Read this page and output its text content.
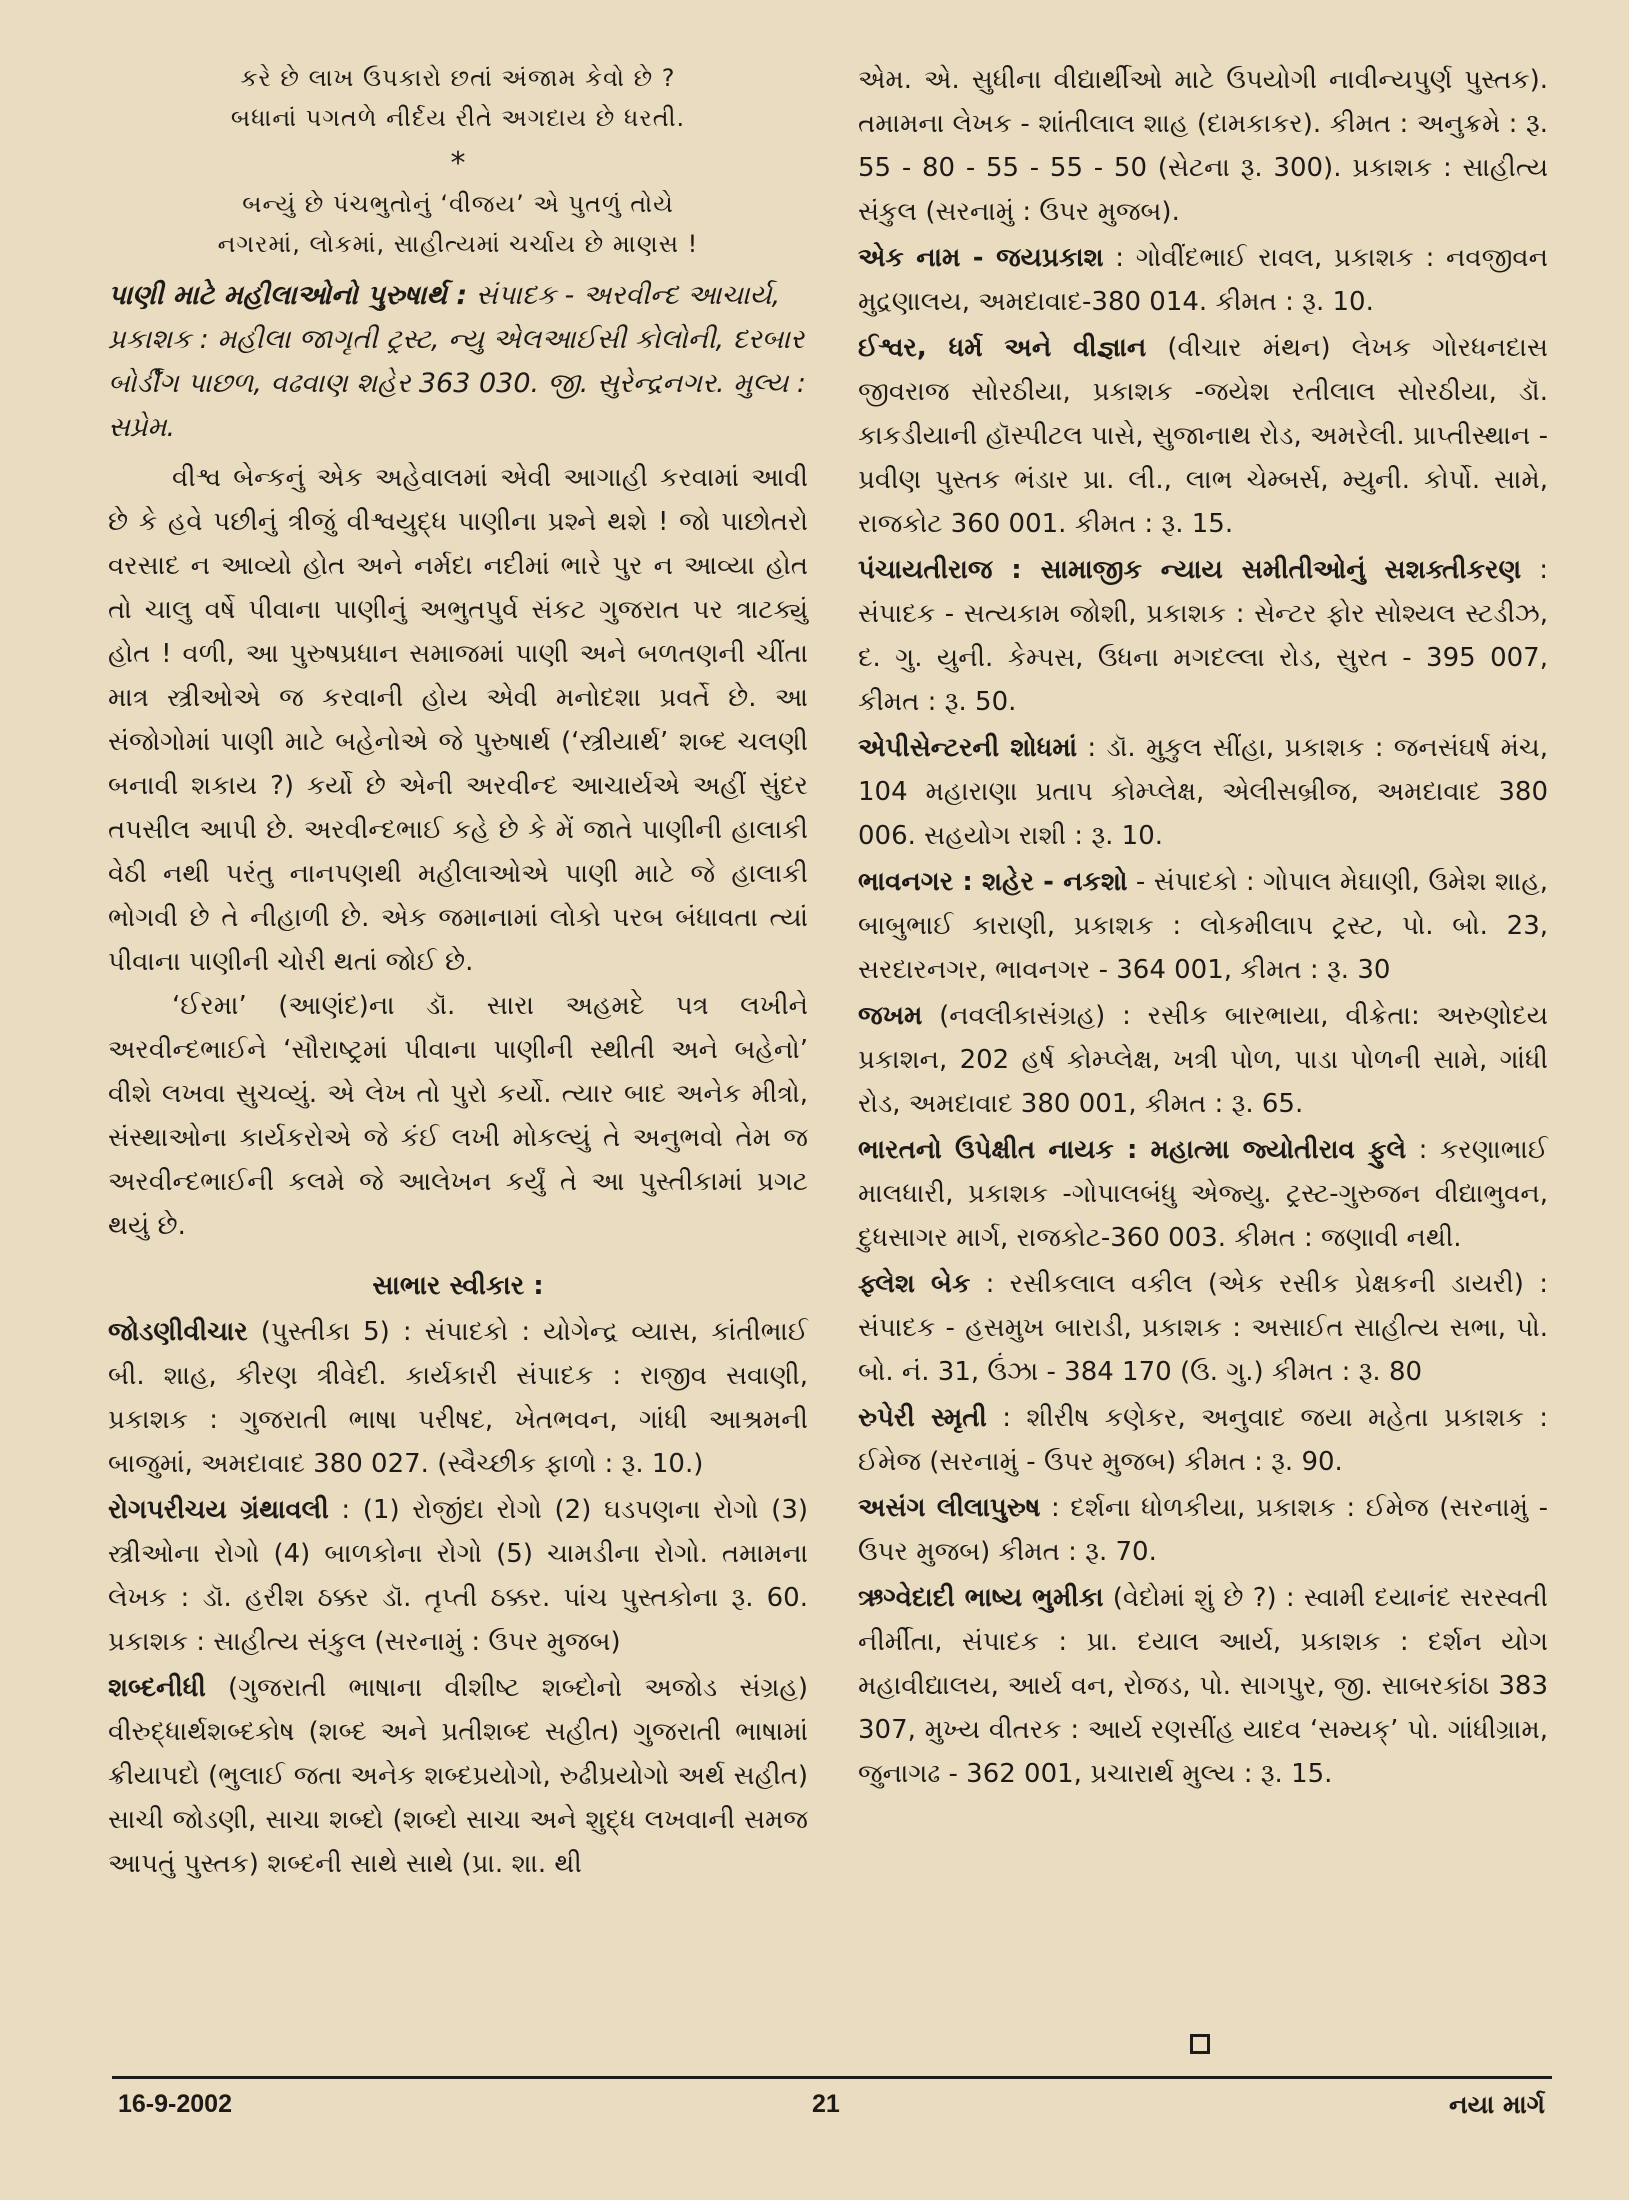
કરે છે લાખ ઉપકારો છતાં અંજામ કેવો છે ?

બધાનાં પગતળે નીર્દય રીતે અગદાય છે ધરતી.

*

બન્યું છે પંચભુતોનું ‘વીજય’ એ પુતળું તોયે

નગરમાં, લોકમાં, સાહીત્યમાં ચર્ચાય છે માણસ !

પાણી માટે મહીલાઓનો પુરુષાર્થ : સંપાદક - અરવીન્દ આચાર્ય, પ્રકાશક : મહીલા જાગૃતી ટ્રસ્ટ, ન્યુ એલઆઈસી કોલોની, દરબાર બોર્ડીંગ પાછળ, વઢવાણ શહેર 363 030. જી. સુરેન્દ્રનગર. મુલ્ય : સપ્રેમ.

વીશ્વ બેન્કનું એક અહેવાલમાં એવી આગાહી કરવામાં આવી છે કે હવે પછીનું ત્રીજું વીશ્વયુદ્ધ પાણીના પ્રશ્ને થશે ! જો પાછોતરો વરસાદ ન આવ્યો હોત અને નર્મદા નદીમાં ભારે પુર ન આવ્યા હોત તો ચાલુ વર્ષે પીવાના પાણીનું અભુતપુર્વ સંકટ ગુજરાત પર ત્રાટક્યું હોત ! વળી, આ પુરુષપ્રધાન સમાજમાં પાણી અને બળતણની ચીંતા માત્ર સ્ત્રીઓએ જ કરવાની હોય એવી મનોદશા પ્રવર્તે છે. આ સંજોગોમાં પાણી માટે બહેનોએ જે પુરુષાર્થ (‘સ્ત્રીયાર્થ’ શબ્દ ચલણી બનાવી શકાય ?) કર્યો છે એની અરવીન્દ આચાર્યએ અહીં સુંદર તપસીલ આપી છે. અરવીન્દભાઈ કહે છે કે મેં જાતે પાણીની હાલાકી વેઠી નથી પરંતુ નાનપણથી મહીલાઓએ પાણી માટે જે હાલાકી ભોગવી છે તે નીહાળી છે. એક જમાનામાં લોકો પરબ બંધાવતા ત્યાં પીવાના પાણીની ચોરી થતાં જોઈ છે.

‘ઈરમા’ (આણંદ)ના ડૉ. સારા અહમદે પત્ર લખીને અરવીન્દભાઈને ‘સૌરાષ્ટ્રમાં પીવાના પાણીની સ્થીતી અને બહેનો’ વીશે લખવા સુચવ્યું. એ લેખ તો પુરો કર્યો. ત્યાર બાદ અનેક મીત્રો, સંસ્થાઓના કાર્યકરોએ જે કંઈ લખી મોકલ્યું તે અનુભવો તેમ જ અરવીન્દભાઈની કલમે જે આલેખન કર્યું તે આ પુસ્તીકામાં પ્રગટ થયું છે.

સાભાર સ્વીકાર :

જોડણીવીચાર (પુસ્તીકા 5) : સંપાદકો : યોગેન્દ્ર વ્યાસ, કાંતીભાઈ બી. શાહ, કીરણ ત્રીવેદી. કાર્યકારી સંપાદક : રાજીવ સવાણી, પ્રકાશક : ગુજરાતી ભાષા પરીષદ, ખેતભવન, ગાંધી આશ્રમની બાજુમાં, અમદાવાદ 380 027. (સ્વૈચ્છીક ફાળો : રૂ. 10.)

રોગપરીચય ગ્રંથાવલી : (1) રોજીંદા રોગો (2) ઘડપણના રોગો (3) સ્ત્રીઓના રોગો (4) બાળકોના રોગો (5) ચામડીના રોગો. તમામના લેખક : ડૉ. હરીશ ઠક્કર ડૉ. તૃપ્તી ઠક્કર. પાંચ પુસ્તકોના રૂ. 60. પ્રકાશક : સાહીત્ય સંકુલ (સરનામું : ઉપર મુજબ)

શબ્દનીધી (ગુજરાતી ભાષાના વીશીષ્ટ શબ્દોનો અજોડ સંગ્રહ) વીરુદ્ધાર્થશબ્દકોષ (શબ્દ અને પ્રતીશબ્દ સહીત) ગુજરાતી ભાષામાં ક્રીયાપદો (ભુલાઈ જતા અનેક શબ્દપ્રયોગો, રુઢીપ્રયોગો અર્થ સહીત) સાચી જોડણી, સાચા શબ્દો (શબ્દો સાચા અને શુદ્ધ લખવાની સમજ આપતું પુસ્તક) શબ્દની સાથે સાથે (પ્રા. શા. થી

એમ. એ. સુધીના વીદ્યાર્થીઓ માટે ઉપયોગી નાવીન્યપુર્ણ પુસ્તક). તમામના લેખક - શાંતીલાલ શાહ (દામકાકર). કીમત : અનુક્રમે : રૂ. 55 - 80 - 55 - 55 - 50 (સેટના રૂ. 300). પ્રકાશક : સાહીત્ય સંકુલ (સરનામું : ઉપર મુજબ).

એક નામ - જયપ્રકાશ : ગોવીંદભાઈ રાવલ, પ્રકાશક : નવજીવન મુદ્રણાલય, અમદાવાદ-380 014. કીમત : રૂ. 10.

ઈશ્વર, ધર્મ અને વીજ્ઞાન (વીચાર મંથન) લેખક ગોરધનદાસ જીવરાજ સોરઠીયા, પ્રકાશક -જયેશ રતીલાલ સોરઠીયા, ડૉ. કાકડીયાની હૉસ્પીટલ પાસે, સુજાનાથ રોડ, અમરેલી. પ્રાપ્તીસ્થાન - પ્રવીણ પુસ્તક ભંડાર પ્રા. લી., લાભ ચેમ્બર્સ, મ્યુની. કોર્પો. સામે, રાજકોટ 360 001. કીમત : રૂ. 15.

પંચાયતીરાજ : સામાજીક ન્યાય સમીતીઓનું સશક્તીકરણ : સંપાદક - સત્યકામ જોશી, પ્રકાશક : સેન્ટર ફોર સોશ્યલ સ્ટડીઝ, દ. ગુ. યુની. કેમ્પસ, ઉધના મગદલ્લા રોડ, સુરત - 395 007, કીમત : રૂ. 50.

એપીસેન્ટરની શોધમાં : ડૉ. મુકુલ સીંહા, પ્રકાશક : જનસંઘર્ષ મંચ, 104 મહારાણા પ્રતાપ કોમ્પ્લેક્ષ, એલીસબ્રીજ, અમદાવાદ 380 006. સહયોગ રાશી : રૂ. 10.

ભાવનગર : શહેર - નકશો - સંપાદકો : ગોપાલ મેઘાણી, ઉમેશ શાહ, બાબુભાઈ કારાણી, પ્રકાશક : લોકમીલાપ ટ્રસ્ટ, પો. બો. 23, સરદારનગર, ભાવનગર - 364 001, કીમત : રૂ. 30

જખમ (નવલીકાસંગ્રહ) : રસીક બારભાયા, વીક્રેતા: અરુણોદય પ્રકાશન, 202 હર્ષ કોમ્પ્લેક્ષ, ખત્રી પોળ, પાડા પોળની સામે, ગાંધી રોડ, અમદાવાદ 380 001, કીમત : રૂ. 65.

ભારતનો ઉપેક્ષીત નાયક : મહાત્મા જ્યોતીરાવ ફુલે : કરણાભાઈ માલધારી, પ્રકાશક -ગોપાલબંધુ એજ્યુ. ટ્રસ્ટ-ગુરુજન વીદ્યાભુવન, દુધસાગર માર્ગ, રાજકોટ-360 003. કીમત : જણાવી નથી.

ફ્લેશ બેક : રસીકલાલ વકીલ (એક રસીક પ્રેક્ષકની ડાયરી) : સંપાદક - હસમુખ બારાડી, પ્રકાશક : અસાઈત સાહીત્ય સભા, પો. બો. નં. 31, ઉંઝા - 384 170 (ઉ. ગુ.) કીમત : રૂ. 80

રુપેરી સ્મૃતી : શીરીષ કણેકર, અનુવાદ જયા મહેતા પ્રકાશક : ઈમેજ (સરનામું - ઉપર મુજબ) કીમત : રૂ. 90.

અસંગ લીલાપુરુષ : દર્શના ધોળકીયા, પ્રકાશક : ઈમેજ (સરનામું - ઉપર મુજબ) કીમત : રૂ. 70.

ઋગ્વેદાદી ભાષ્ય ભુમીકા (વેદોમાં શું છે ?) : સ્વામી દયાનંદ સરસ્વતી નીર્મીતા, સંપાદક : પ્રા. દયાલ આર્ય, પ્રકાશક : દર્શન યોગ મહાવીદ્યાલય, આર્ય વન, રોજડ, પો. સાગપુર, જી. સાબરકાંઠા 383 307, મુખ્ય વીતરક : આર્ય રણસીંહ યાદવ ‘સમ્યક્’ પો. ગાંધીગ્રામ, જુનાગઢ - 362 001, પ્રચારાર્થ મુલ્ય : રૂ. 15.

16-9-2002	21	નયા માર્ગ
